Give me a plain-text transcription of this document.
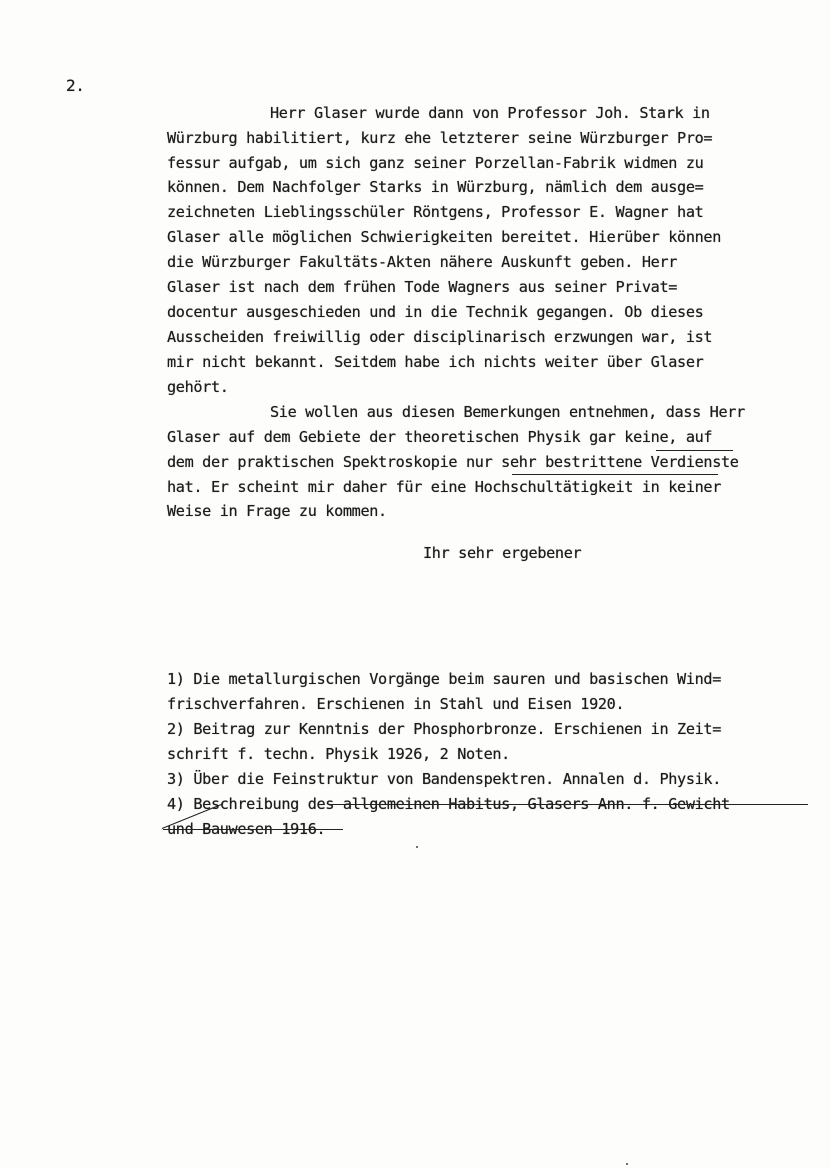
2.
Herr Glaser wurde dann von Professor Joh. Stark in
Würzburg habilitiert, kurz ehe letzterer seine Würzburger Pro=
fessur aufgab, um sich ganz seiner Porzellan-Fabrik widmen zu
können. Dem Nachfolger Starks in Würzburg, nämlich dem ausge=
zeichneten Lieblingsschüler Röntgens, Professor E. Wagner hat
Glaser alle möglichen Schwierigkeiten bereitet. Hierüber können
die Würzburger Fakultäts-Akten nähere Auskunft geben. Herr
Glaser ist nach dem frühen Tode Wagners aus seiner Privat=
docentur ausgeschieden und in die Technik gegangen. Ob dieses
Ausscheiden freiwillig oder disciplinarisch erzwungen war, ist
mir nicht bekannt. Seitdem habe ich nichts weiter über Glaser
gehört.
Sie wollen aus diesen Bemerkungen entnehmen, dass Herr
Glaser auf dem Gebiete der theoretischen Physik gar keine, auf
dem der praktischen Spektroskopie nur sehr bestrittene Verdienste
hat. Er scheint mir daher für eine Hochschultätigkeit in keiner
Weise in Frage zu kommen.
Ihr sehr ergebener
1) Die metallurgischen Vorgänge beim sauren und basischen Wind=
frischverfahren. Erschienen in Stahl und Eisen 1920.
2) Beitrag zur Kenntnis der Phosphorbronze. Erschienen in Zeit=
schrift f. techn. Physik 1926, 2 Noten.
3) Über die Feinstruktur von Bandenspektren. Annalen d. Physik.
4) Beschreibung des allgemeinen Habitus, Glasers Ann. f. Gewicht
und Bauwesen 1916.
